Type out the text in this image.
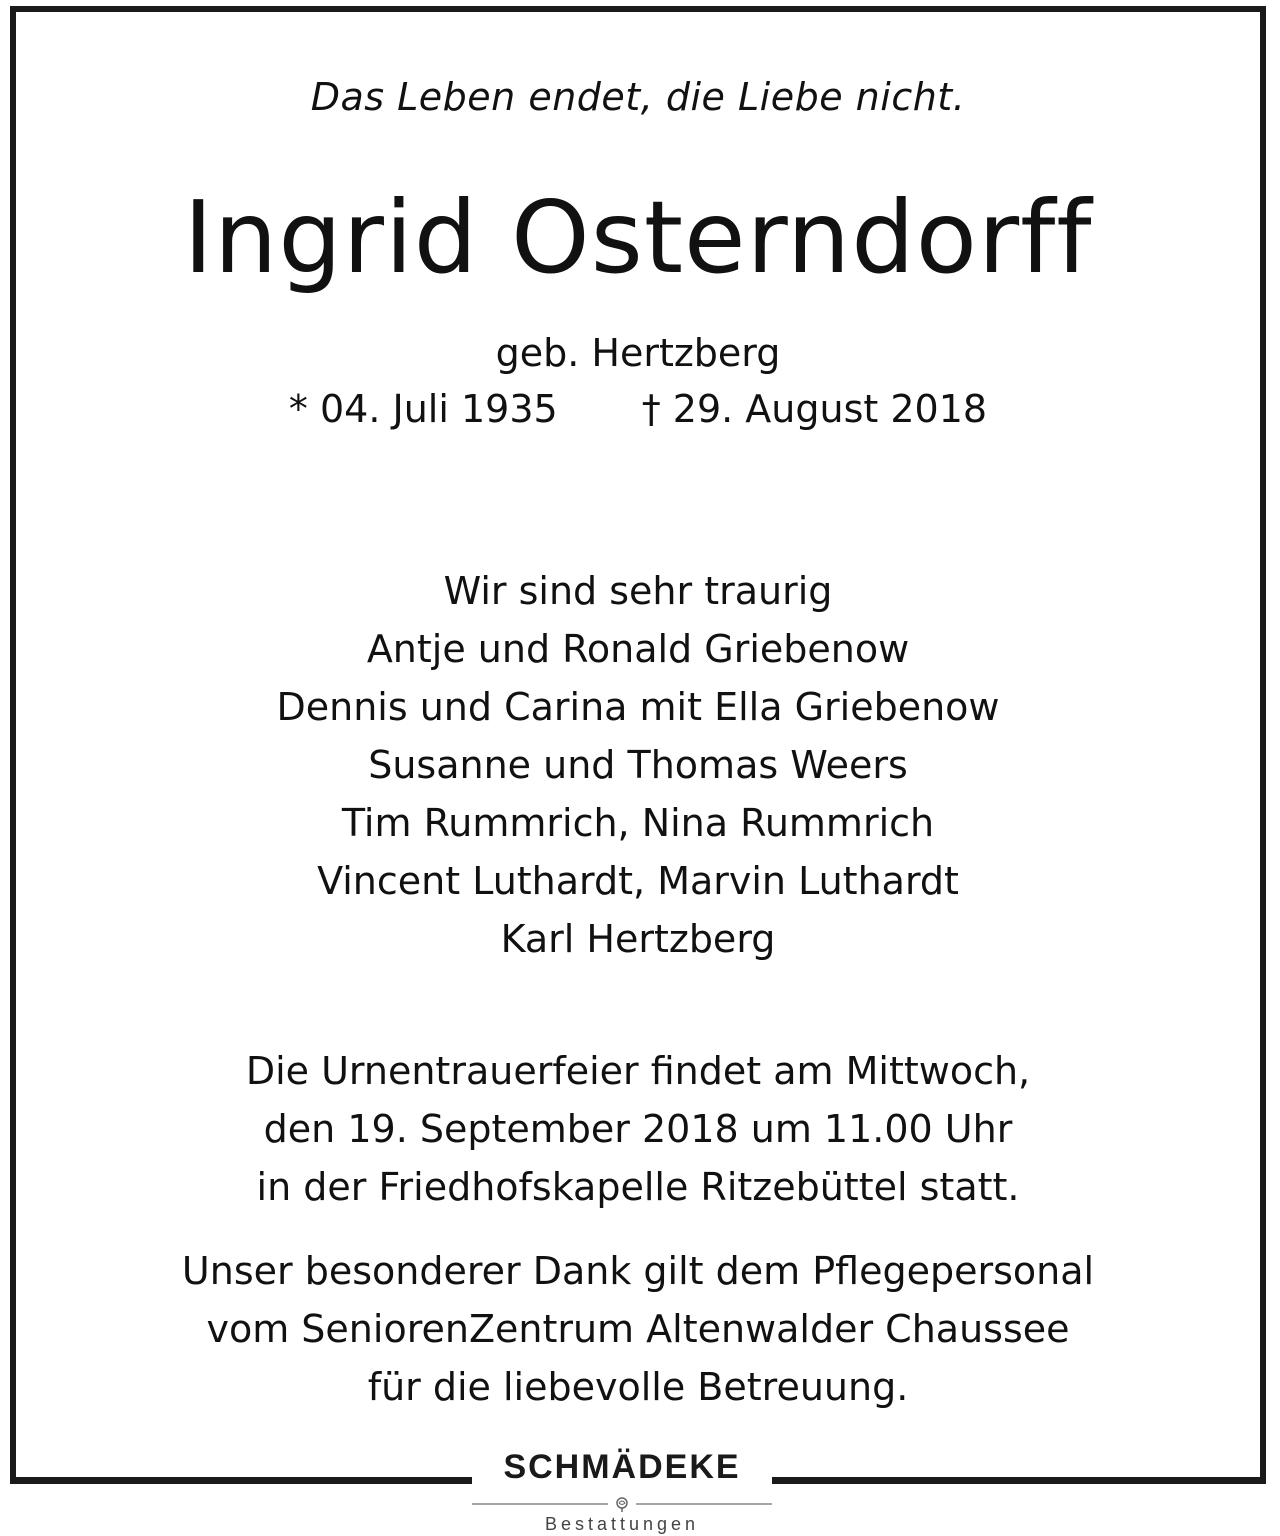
Das Leben endet, die Liebe nicht.
Ingrid Osterndorff
geb. Hertzberg
* 04. Juli 1935 † 29. August 2018
Wir sind sehr traurig
Antje und Ronald Griebenow
Dennis und Carina mit Ella Griebenow
Susanne und Thomas Weers
Tim Rummrich, Nina Rummrich
Vincent Luthardt, Marvin Luthardt
Karl Hertzberg
Die Urnentrauerfeier findet am Mittwoch,
den 19. September 2018 um 11.00 Uhr
in der Friedhofskapelle Ritzebüttel statt.
Unser besonderer Dank gilt dem Pflegepersonal
vom SeniorenZentrum Altenwalder Chaussee
für die liebevolle Betreuung.
SCHMÄDEKE
Bestattungen
